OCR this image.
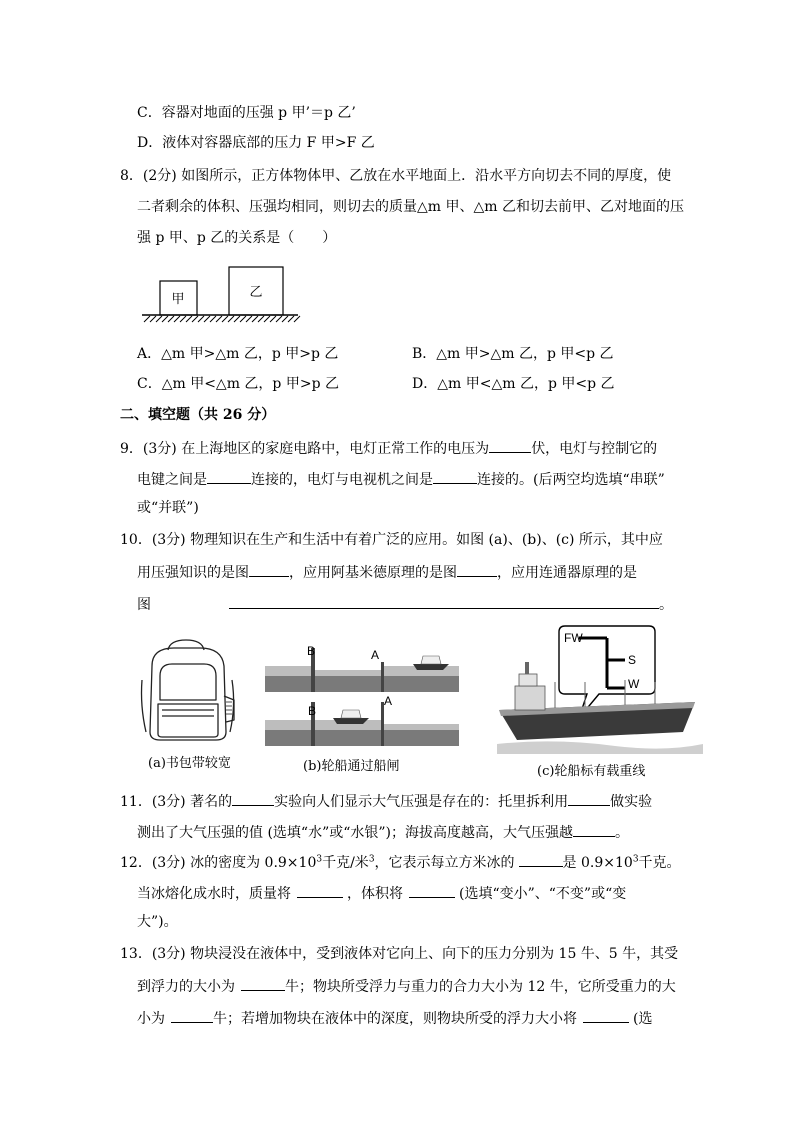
C．容器对地面的压强 p 甲’＝p 乙’
D．液体对容器底部的压力 F 甲>F 乙
8．(2分) 如图所示，正方体物体甲、乙放在水平地面上．沿水平方向切去不同的厚度，使
二者剩余的体积、压强均相同，则切去的质量△m 甲、△m 乙和切去前甲、乙对地面的压
强 p 甲、p 乙的关系是（　　）
甲	乙
A．△m 甲>△m 乙，p 甲>p 乙	B．△m 甲>△m 乙，p 甲<p 乙
C．△m 甲<△m 乙，p 甲>p 乙	D．△m 甲<△m 乙，p 甲<p 乙
二、填空题（共 26 分）
9．(3分) 在上海地区的家庭电路中，电灯正常工作的电压为	伏，电灯与控制它的
电键之间是	连接的，电灯与电视机之间是	连接的。(后两空均选填“串联”
或“并联”)
10．(3分) 物理知识在生产和生活中有着广泛的应用。如图 (a)、(b)、(c) 所示，其中应
用压强知识的是图	，应用阿基米德原理的是图	，应用连通器原理的是
图	。
(a)书包带较宽
B	A
B
A
(b)轮船通过船闸
FW
S
W
(c)轮船标有载重线
11．(3分) 著名的	实验向人们显示大气压强是存在的：托里拆利用	做实验
测出了大气压强的值 (选填“水”或“水银”)；海拔高度越高，大气压强越	。
12．(3分) 冰的密度为 $0.9\times 10^3$千克/米$^3$，它表示每立方米冰的	是 $0.9\times 10^3$千克。
当冰熔化成水时，质量将	，体积将	(选填“变小”、“不变”或“变
大”)。
13．(3分) 物块浸没在液体中，受到液体对它向上、向下的压力分别为 15 牛、5 牛，其受
到浮力的大小为	牛；物块所受浮力与重力的合力大小为 12 牛，它所受重力的大
小为	牛；若增加物块在液体中的深度，则物块所受的浮力大小将	(选
